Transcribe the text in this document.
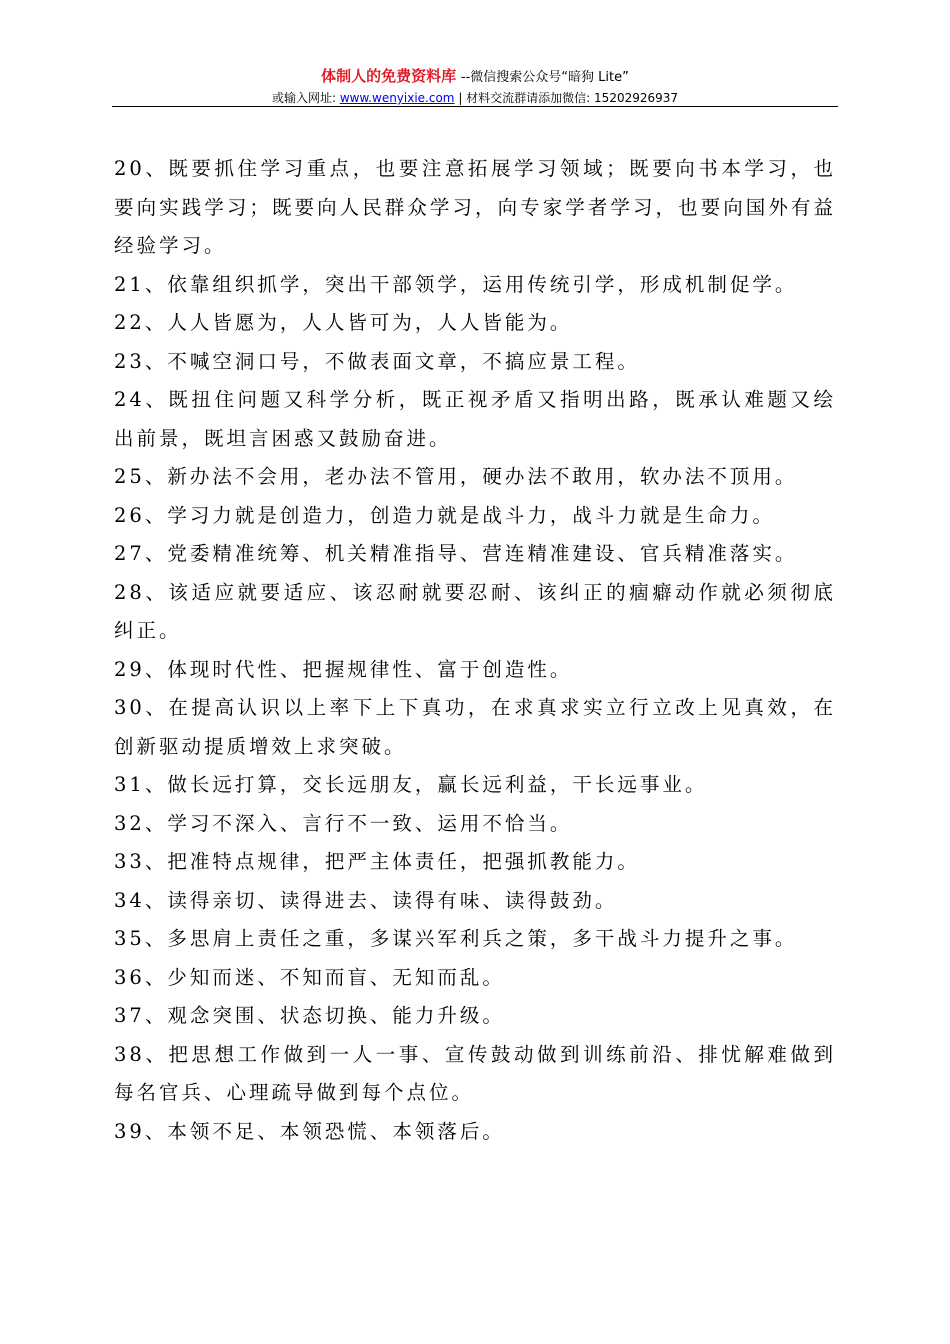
体制人的免费资料库 --微信搜索公众号“暗狗 Lite”
或输入网址: www.wenyixie.com | 材料交流群请添加微信: 15202926937

20、既要抓住学习重点，也要注意拓展学习领域；既要向书本学习，也要向实践学习；既要向人民群众学习，向专家学者学习，也要向国外有益经验学习。

21、依靠组织抓学，突出干部领学，运用传统引学，形成机制促学。

22、人人皆愿为，人人皆可为，人人皆能为。

23、不喊空洞口号，不做表面文章，不搞应景工程。

24、既扭住问题又科学分析，既正视矛盾又指明出路，既承认难题又绘出前景，既坦言困惑又鼓励奋进。

25、新办法不会用，老办法不管用，硬办法不敢用，软办法不顶用。

26、学习力就是创造力，创造力就是战斗力，战斗力就是生命力。

27、党委精准统筹、机关精准指导、营连精准建设、官兵精准落实。

28、该适应就要适应、该忍耐就要忍耐、该纠正的痼癖动作就必须彻底纠正。

29、体现时代性、把握规律性、富于创造性。

30、在提高认识以上率下上下真功，在求真求实立行立改上见真效，在创新驱动提质增效上求突破。

31、做长远打算，交长远朋友，赢长远利益，干长远事业。

32、学习不深入、言行不一致、运用不恰当。

33、把准特点规律，把严主体责任，把强抓教能力。

34、读得亲切、读得进去、读得有味、读得鼓劲。

35、多思肩上责任之重，多谋兴军利兵之策，多干战斗力提升之事。

36、少知而迷、不知而盲、无知而乱。

37、观念突围、状态切换、能力升级。

38、把思想工作做到一人一事、宣传鼓动做到训练前沿、排忧解难做到每名官兵、心理疏导做到每个点位。

39、本领不足、本领恐慌、本领落后。
